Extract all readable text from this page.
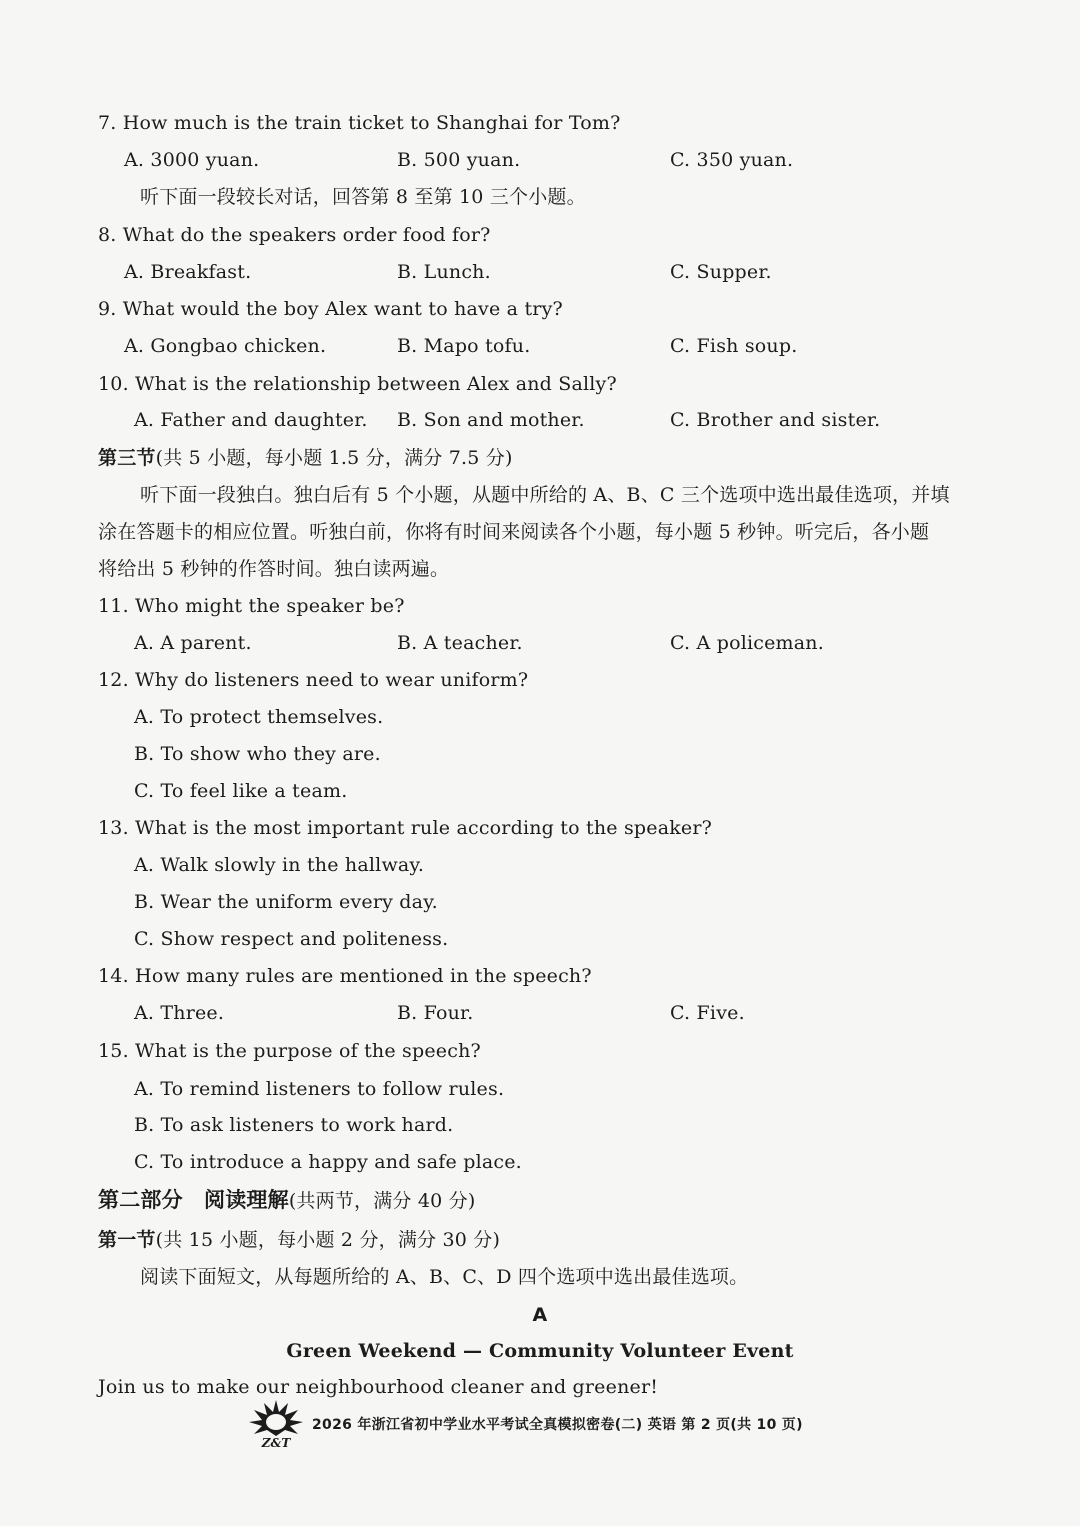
7. How much is the train ticket to Shanghai for Tom?
A. 3000 yuan.	B. 500 yuan.	C. 350 yuan.
听下面一段较长对话，回答第 8 至第 10 三个小题。
8. What do the speakers order food for?
A. Breakfast.	B. Lunch.	C. Supper.
9. What would the boy Alex want to have a try?
A. Gongbao chicken.	B. Mapo tofu.	C. Fish soup.
10. What is the relationship between Alex and Sally?
A. Father and daughter. B. Son and mother.	C. Brother and sister.
第三节(共 5 小题，每小题 1.5 分，满分 7.5 分)
听下面一段独白。独白后有 5 个小题，从题中所给的 A、B、C 三个选项中选出最佳选项，并填
涂在答题卡的相应位置。听独白前，你将有时间来阅读各个小题，每小题 5 秒钟。听完后，各小题
将给出 5 秒钟的作答时间。独白读两遍。
11. Who might the speaker be?
A. A parent.	B. A teacher.	C. A policeman.
12. Why do listeners need to wear uniform?
A. To protect themselves.
B. To show who they are.
C. To feel like a team.
13. What is the most important rule according to the speaker?
A. Walk slowly in the hallway.
B. Wear the uniform every day.
C. Show respect and politeness.
14. How many rules are mentioned in the speech?
A. Three.	B. Four.	C. Five.
15. What is the purpose of the speech?
A. To remind listeners to follow rules.
B. To ask listeners to work hard.
C. To introduce a happy and safe place.
第二部分　阅读理解(共两节，满分 40 分)
第一节(共 15 小题，每小题 2 分，满分 30 分)
阅读下面短文，从每题所给的 A、B、C、D 四个选项中选出最佳选项。
A
Green Weekend — Community Volunteer Event
Join us to make our neighbourhood cleaner and greener!
Z&T
2026 年浙江省初中学业水平考试全真模拟密卷(二) 英语 第 2 页(共 10 页)
